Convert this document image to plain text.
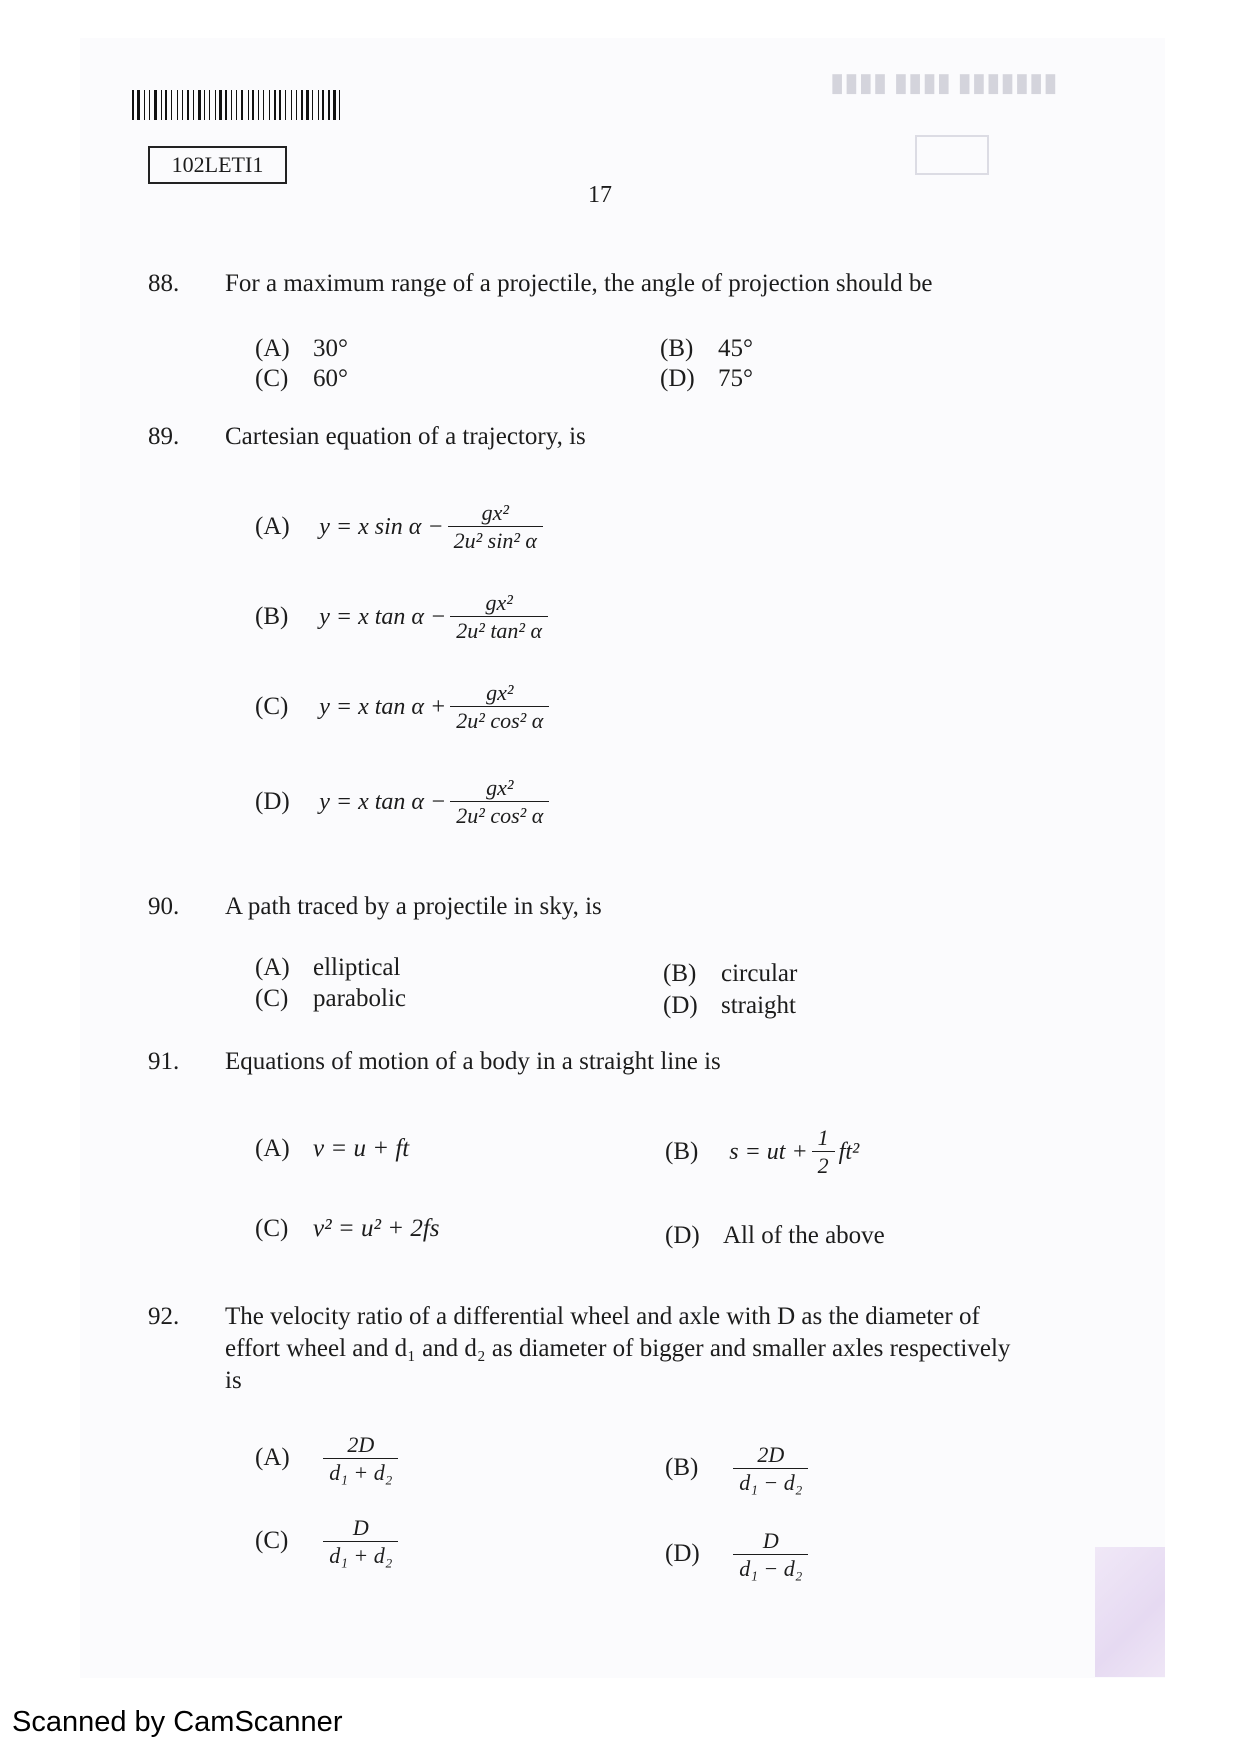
▮▮▮▮ ▮▮▮▮ ▮▮▮▮▮▮▮
102LETI1
17
88. For a maximum range of a projectile, the angle of projection should be
(A) 30°
(C) 60°
(B) 45°
(D) 75°
89. Cartesian equation of a trajectory, is
(A) y = x $\sin \alpha - \frac{\text{gx²}}{\text{2u² sin² α}}$
(B) y = x $\tan \alpha - \frac{\text{gx²}}{\text{2u² tan² α}}$
(C) y = x $\tan \alpha + \frac{\text{gx²}}{\text{2u² cos² α}}$
(D) y = x $\tan \alpha - \frac{\text{gx²}}{\text{2u² cos² α}}$
90. A path traced by a projectile in sky, is
(A) elliptical
(C) parabolic
(B) circular
(D) straight
91. Equations of motion of a body in a straight line is
(A) v = u + ft	(B) s = ut + $\frac{1}{2} ft^2$
(C) v² = u² + 2fs	(D) All of the above
92. The velocity ratio of a differential wheel and axle with D as the diameter of
effort wheel and d₁ and d₂ as diameter of bigger and smaller axles respectively
is
$(A) \frac{2D}{\text{d₁ + d₂}}$	$(B) \frac{2D}{\text{d₁ − d₂}}$
$(C) \frac{D}{\text{d₁ + d₂}}$	$(D) \frac{D}{\text{d₁ − d₂}}$
Scanned by CamScanner
